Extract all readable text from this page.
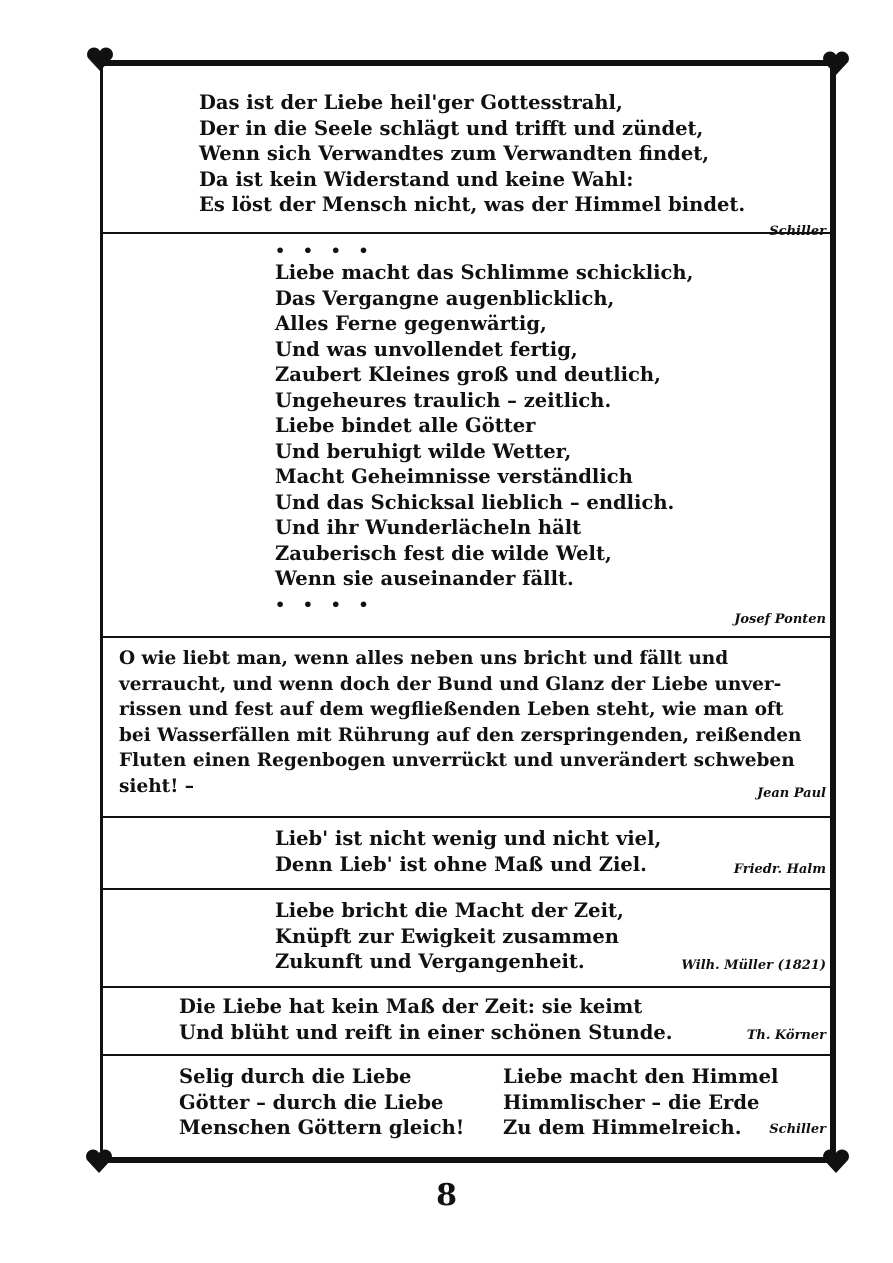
Das ist der Liebe heil'ger Gottesstrahl,
Der in die Seele schlägt und trifft und zündet,
Wenn sich Verwandtes zum Verwandten findet,
Da ist kein Widerstand und keine Wahl:
Es löst der Mensch nicht, was der Himmel bindet.
Schiller
• • • •
Liebe macht das Schlimme schicklich,
Das Vergangne augenblicklich,
Alles Ferne gegenwärtig,
Und was unvollendet fertig,
Zaubert Kleines groß und deutlich,
Ungeheures traulich – zeitlich.
Liebe bindet alle Götter
Und beruhigt wilde Wetter,
Macht Geheimnisse verständlich
Und das Schicksal lieblich – endlich.
Und ihr Wunderlächeln hält
Zauberisch fest die wilde Welt,
Wenn sie auseinander fällt.
• • • •
Josef Ponten
O wie liebt man, wenn alles neben uns bricht und fällt und
verraucht, und wenn doch der Bund und Glanz der Liebe unver-
rissen und fest auf dem wegfließenden Leben steht, wie man oft
bei Wasserfällen mit Rührung auf den zerspringenden, reißenden
Fluten einen Regenbogen unverrückt und unverändert schweben
sieht! –	Jean Paul
Lieb' ist nicht wenig und nicht viel,
Denn Lieb' ist ohne Maß und Ziel.	Friedr. Halm
Liebe bricht die Macht der Zeit,
Knüpft zur Ewigkeit zusammen
Zukunft und Vergangenheit.	Wilh. Müller (1821)
Die Liebe hat kein Maß der Zeit: sie keimt
Und blüht und reift in einer schönen Stunde.	Th. Körner
Selig durch die Liebe
Götter – durch die Liebe
Menschen Göttern gleich!
Liebe macht den Himmel
Himmlischer – die Erde
Zu dem Himmelreich.	Schiller
8
